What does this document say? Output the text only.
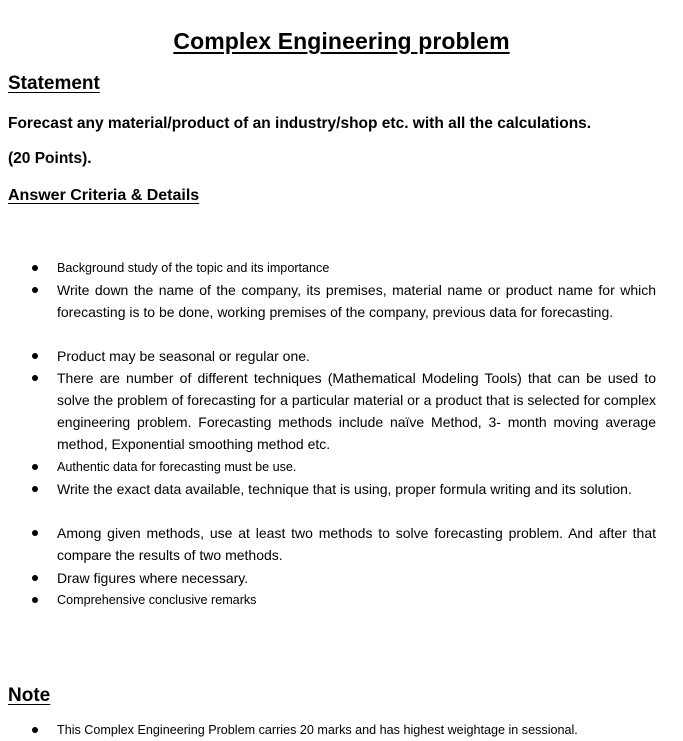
Complex Engineering problem
Statement
Forecast any material/product of an industry/shop etc. with all the calculations.
(20 Points).
Answer Criteria & Details
Background study of the topic and its importance
Write down the name of the company, its premises, material name or product name for which forecasting is to be done, working premises of the company, previous data for forecasting.
Product may be seasonal or regular one.
There are number of different techniques (Mathematical Modeling Tools) that can be used to solve the problem of forecasting for a particular material or a product that is selected for complex engineering problem. Forecasting methods include naïve Method, 3- month moving average method, Exponential smoothing method etc.
Authentic data for forecasting must be use.
Write the exact data available, technique that is using, proper formula writing and its solution.
Among given methods, use at least two methods to solve forecasting problem. And after that compare the results of two methods.
Draw figures where necessary.
Comprehensive conclusive remarks
Note
This Complex Engineering Problem carries 20 marks and has highest weightage in sessional.
